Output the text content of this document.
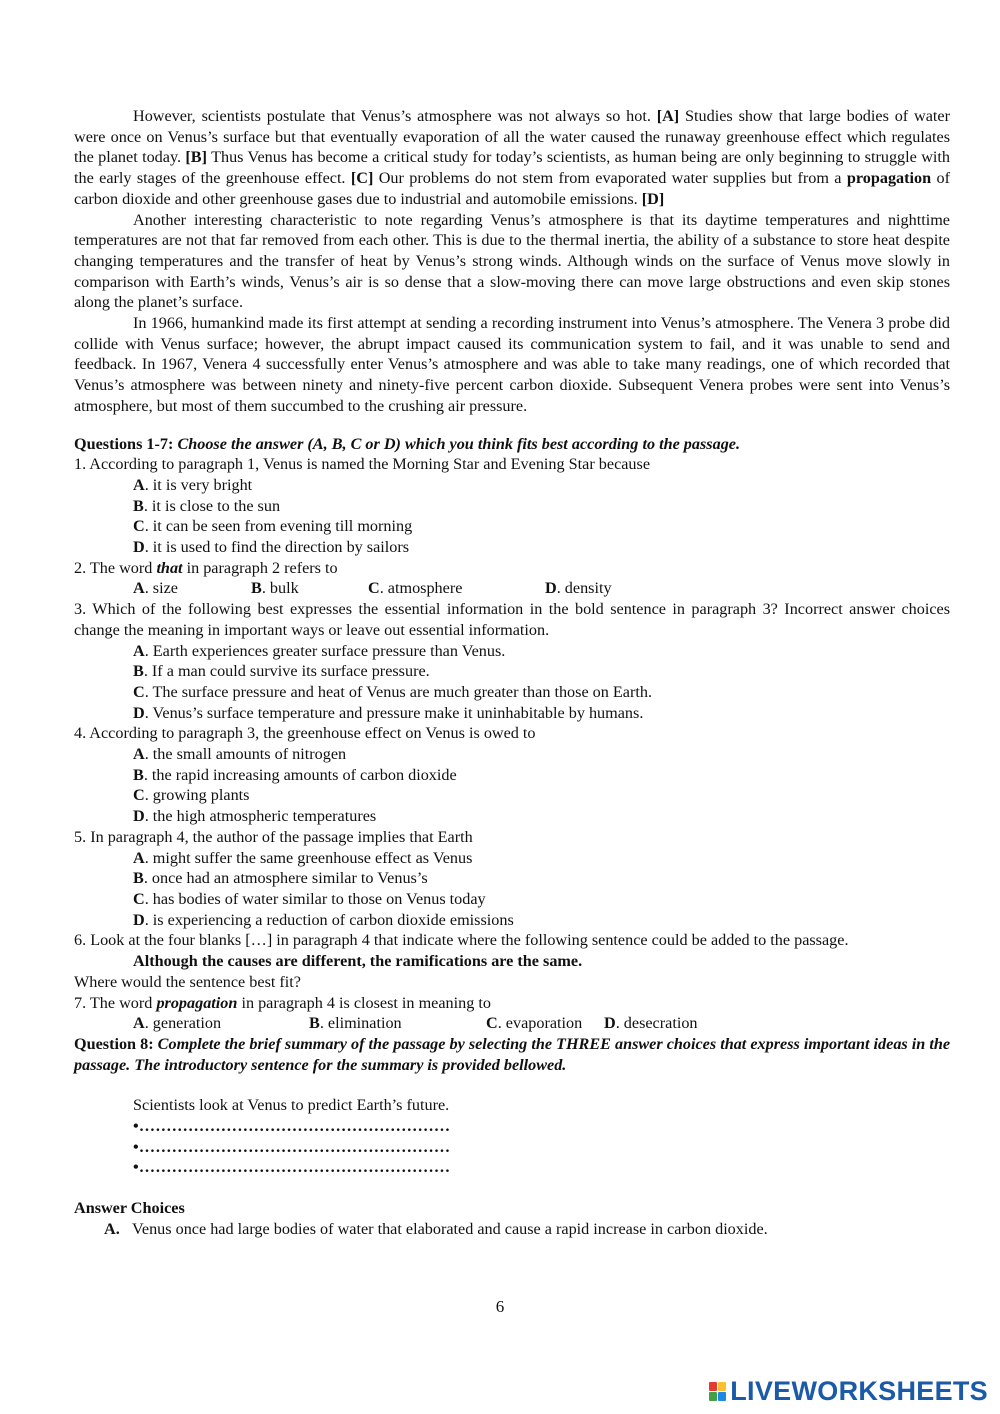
However, scientists postulate that Venus’s atmosphere was not always so hot. [A] Studies show that large bodies of water were once on Venus’s surface but that eventually evaporation of all the water caused the runaway greenhouse effect which regulates the planet today. [B] Thus Venus has become a critical study for today’s scientists, as human being are only beginning to struggle with the early stages of the greenhouse effect. [C] Our problems do not stem from evaporated water supplies but from a propagation of carbon dioxide and other greenhouse gases due to industrial and automobile emissions. [D]

Another interesting characteristic to note regarding Venus’s atmosphere is that its daytime temperatures and nighttime temperatures are not that far removed from each other. This is due to the thermal inertia, the ability of a substance to store heat despite changing temperatures and the transfer of heat by Venus’s strong winds. Although winds on the surface of Venus move slowly in comparison with Earth’s winds, Venus’s air is so dense that a slow-moving there can move large obstructions and even skip stones along the planet’s surface.

In 1966, humankind made its first attempt at sending a recording instrument into Venus’s atmosphere. The Venera 3 probe did collide with Venus surface; however, the abrupt impact caused its communication system to fail, and it was unable to send and feedback. In 1967, Venera 4 successfully enter Venus’s atmosphere and was able to take many readings, one of which recorded that Venus’s atmosphere was between ninety and ninety-five percent carbon dioxide. Subsequent Venera probes were sent into Venus’s atmosphere, but most of them succumbed to the crushing air pressure.

Questions 1-7: Choose the answer (A, B, C or D) which you think fits best according to the passage.

1. According to paragraph 1, Venus is named the Morning Star and Evening Star because

A. it is very bright

B. it is close to the sun

C. it can be seen from evening till morning

D. it is used to find the direction by sailors

2. The word that in paragraph 2 refers to

A. size	B. bulk	C. atmosphere	D. density

3. Which of the following best expresses the essential information in the bold sentence in paragraph 3? Incorrect answer choices change the meaning in important ways or leave out essential information.

A. Earth experiences greater surface pressure than Venus.

B. If a man could survive its surface pressure.

C. The surface pressure and heat of Venus are much greater than those on Earth.

D. Venus’s surface temperature and pressure make it uninhabitable by humans.

4. According to paragraph 3, the greenhouse effect on Venus is owed to

A. the small amounts of nitrogen

B. the rapid increasing amounts of carbon dioxide

C. growing plants

D. the high atmospheric temperatures

5. In paragraph 4, the author of the passage implies that Earth

A. might suffer the same greenhouse effect as Venus

B. once had an atmosphere similar to Venus’s

C. has bodies of water similar to those on Venus today

D. is experiencing a reduction of carbon dioxide emissions

6. Look at the four blanks […] in paragraph 4 that indicate where the following sentence could be added to the passage.

Although the causes are different, the ramifications are the same.

Where would the sentence best fit?

7. The word propagation in paragraph 4 is closest in meaning to

A. generation	B. elimination	C. evaporation D. desecration

Question 8: Complete the brief summary of the passage by selecting the THREE answer choices that express important ideas in the passage. The introductory sentence for the summary is provided bellowed.

Scientists look at Venus to predict Earth’s future.

•…………………………………………………

•…………………………………………………

•…………………………………………………

Answer Choices

A. Venus once had large bodies of water that elaborated and cause a rapid increase in carbon dioxide.

6
LIVEWORKSHEETS
